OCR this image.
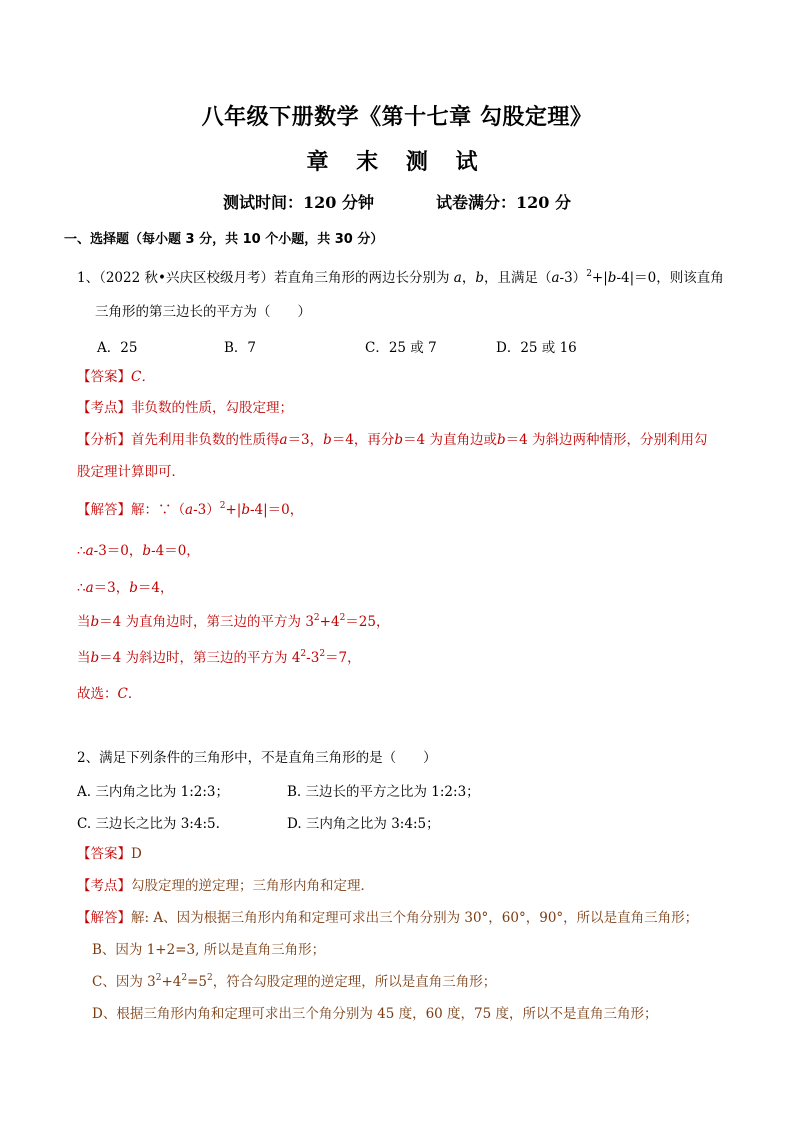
八年级下册数学《第十七章 勾股定理》
章 末 测 试
测试时间：120 分钟	试卷满分：120 分
一、选择题（每小题 3 分，共 10 个小题，共 30 分）
1、（2022 秋•兴庆区校级月考）若直角三角形的两边长分别为 a，b，且满足$(a-3)^2+|b-4|=0$，则该直角
三角形的第三边长的平方为（　　）
A．25	B．7	C．25 或 7	D．25 或 16
【答案】C．
【考点】非负数的性质，勾股定理；
【分析】首先利用非负数的性质得a＝3，b＝4，再分b＝4 为直角边或b＝4 为斜边两种情形，分别利用勾
股定理计算即可．
【解答】解：$\because(a-3)^2+|b-4|=0$，
∴a-3＝0，b-4＝0，
∴a＝3，b＝4，
当b＝4 为直角边时，第三边的平方为 $3^2+4^2=25$，
当b＝4 为斜边时，第三边的平方为 $4^2-3^2=7$，
故选：C．
2、满足下列条件的三角形中，不是直角三角形的是（　　）
A. 三内角之比为 1:2:3；	B. 三边长的平方之比为 1:2:3；
C. 三边长之比为 3:4:5.	D. 三内角之比为 3:4:5；
【答案】D
【考点】勾股定理的逆定理；三角形内角和定理．
【解答】解: A、因为根据三角形内角和定理可求出三个角分别为 30°，60°，90°，所以是直角三角形；
B、因为 1+2=3, 所以是直角三角形；
C、因为 $3^2+4^2=5^2$，符合勾股定理的逆定理，所以是直角三角形；
D、根据三角形内角和定理可求出三个角分别为 45 度，60 度，75 度，所以不是直角三角形；
